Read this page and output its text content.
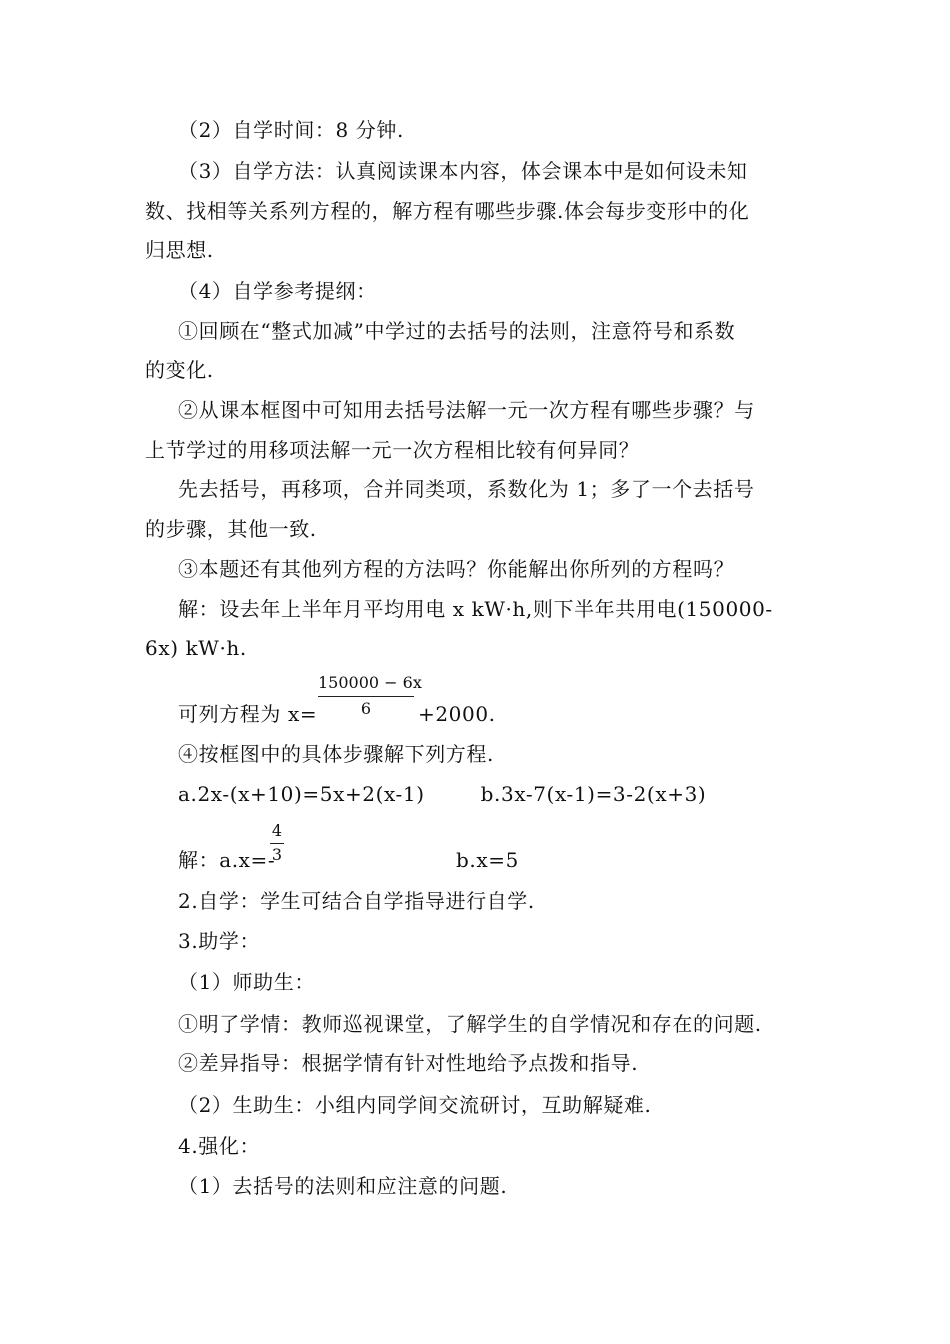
（2）自学时间：8 分钟.
（3）自学方法：认真阅读课本内容，体会课本中是如何设未知
数、找相等关系列方程的，解方程有哪些步骤.体会每步变形中的化
归思想.
（4）自学参考提纲：
①回顾在“整式加减”中学过的去括号的法则，注意符号和系数
的变化.
②从课本框图中可知用去括号法解一元一次方程有哪些步骤？与
上节学过的用移项法解一元一次方程相比较有何异同？
先去括号，再移项，合并同类项，系数化为 1；多了一个去括号
的步骤，其他一致.
③本题还有其他列方程的方法吗？你能解出你所列的方程吗？
解：设去年上半年月平均用电 x kW·h,则下半年共用电(150000-
6x) kW·h.
可列方程为 x=
150000 − 6x
6	+2000.
④按框图中的具体步骤解下列方程.
a.2x-(x+10)=5x+2(x-1)	b.3x-7(x-1)=3-2(x+3)
解：a.x=-
4
3	b.x=5
2.自学：学生可结合自学指导进行自学.
3.助学：
（1）师助生：
①明了学情：教师巡视课堂，了解学生的自学情况和存在的问题.
②差异指导：根据学情有针对性地给予点拨和指导.
（2）生助生：小组内同学间交流研讨，互助解疑难.
4.强化：
（1）去括号的法则和应注意的问题.
